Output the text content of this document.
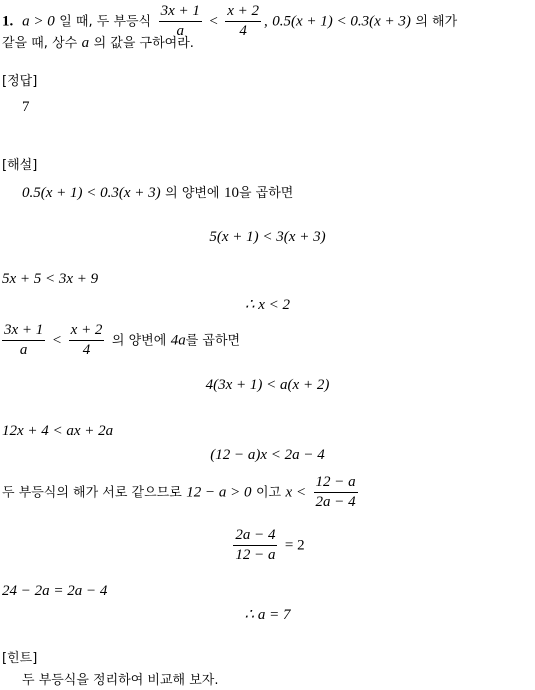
1. a > 0 일 때, 두 부등식 $\frac{3x + 1}{a} < \frac{x + 2}{4}$ , 0.5(x + 1) < 0.3(x + 3) 의 해가
같을 때, 상수 a 의 값을 구하여라.
[정답]
7
[해설]
0.5(x + 1) < 0.3(x + 3) 의 양변에 10을 곱하면
5(x + 1) < 3(x + 3)
5x + 5 < 3x + 9
∴ x < 2
$\frac{3x + 1}{a} < \frac{x + 2}{4}$ 의 양변에 4a를 곱하면
4(3x + 1) < a(x + 2)
12x + 4 < ax + 2a
(12 − a)x < 2a − 4
두 부등식의 해가 서로 같으므로 12 − a > 0 이고 $x < \frac{12 - a}{2a - 4}$
$\frac{2a - 4}{12 - a} = 2$
24 − 2a = 2a − 4
∴ a = 7
[힌트]
두 부등식을 정리하여 비교해 보자.
